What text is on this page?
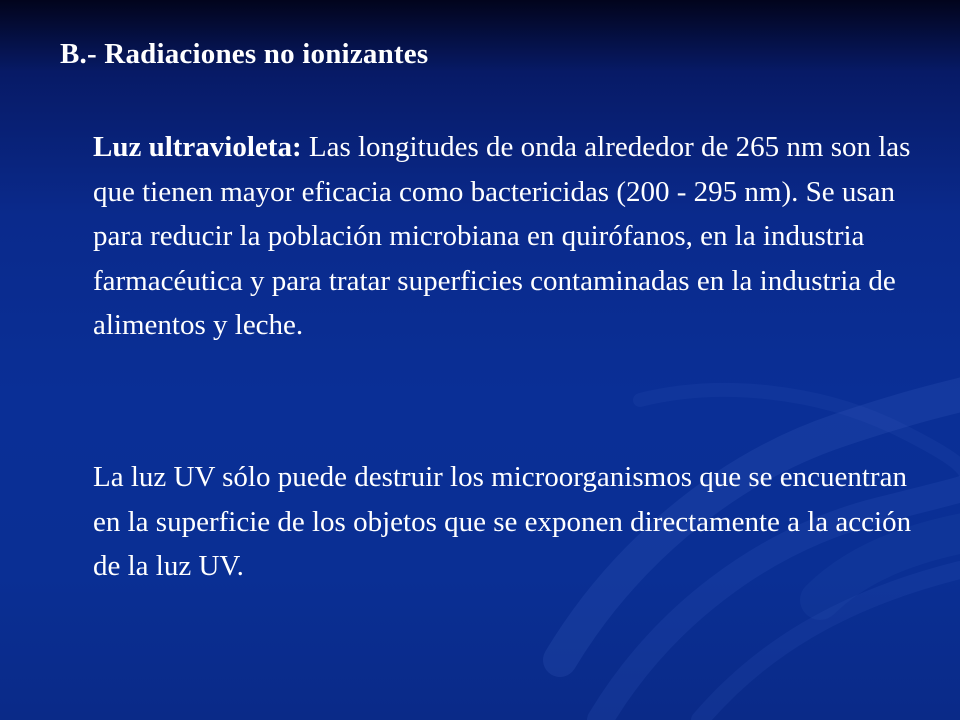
B.- Radiaciones no ionizantes

Luz ultravioleta: Las longitudes de onda alrededor de 265 nm son las que tienen mayor eficacia como bactericidas (200 - 295 nm). Se usan para reducir la población microbiana en quirófanos, en la industria farmacéutica y para tratar superficies contaminadas en la industria de alimentos y leche.

La luz UV sólo puede destruir los microorganismos que se encuentran en la superficie de los objetos que se exponen directamente a la acción de la luz UV.
